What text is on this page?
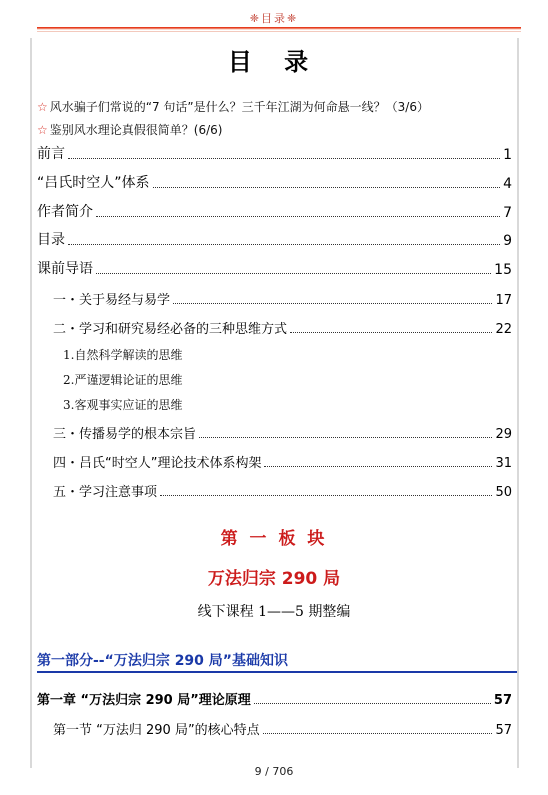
❈目录❈
目 录
☆ 风水骗子们常说的“7 句话”是什么？三千年江湖为何命悬一线？（3/6）
☆ 鉴别风水理论真假很简单？(6/6)
前言	1
“吕氏时空人”体系	4
作者简介	7
目录	9
课前导语	15
一・关于易经与易学	17
二・学习和研究易经必备的三种思维方式	22
1.自然科学解读的思维
2.严谨逻辑论证的思维
3.客观事实应证的思维
三・传播易学的根本宗旨	29
四・吕氏“时空人”理论技术体系构架	31
五・学习注意事项	50
第 一 板 块
万法归宗 290 局
线下课程 1——5 期整编
第一部分--“万法归宗 290 局”基础知识
第一章 “万法归宗 290 局”理论原理	57
第一节 “万法归 290 局”的核心特点	57
9 / 706
